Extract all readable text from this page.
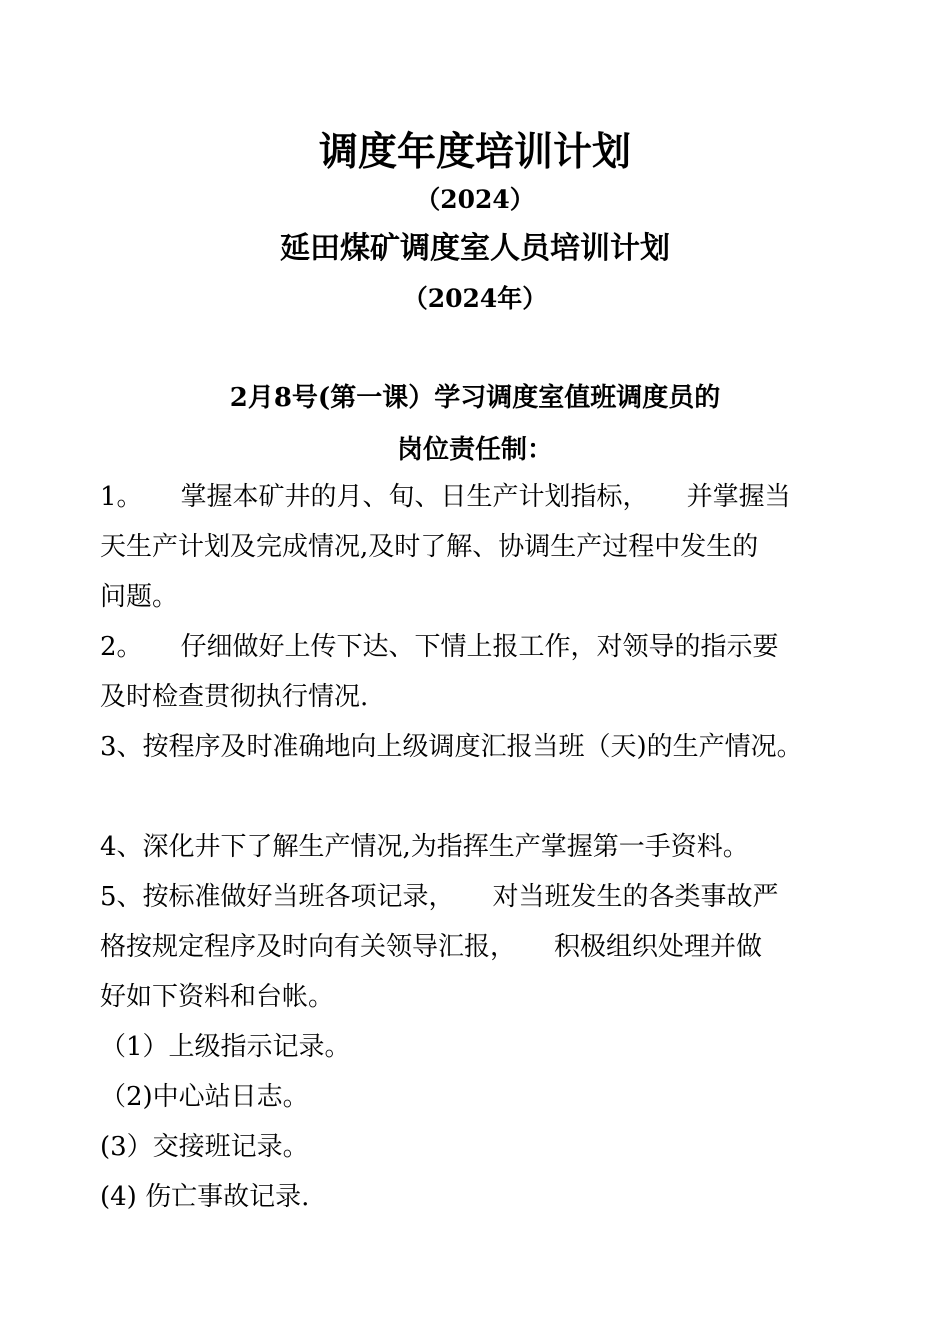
调度年度培训计划
（2024）
延田煤矿调度室人员培训计划
（2024年）
2月8号(第一课）学习调度室值班调度员的
岗位责任制：
1。 掌握本矿井的月、旬、日生产计划指标， 并掌握当
天生产计划及完成情况,及时了解、协调生产过程中发生的
问题。
2。 仔细做好上传下达、下情上报工作，对领导的指示要
及时检查贯彻执行情况.
3、按程序及时准确地向上级调度汇报当班（天)的生产情况。
4、深化井下了解生产情况,为指挥生产掌握第一手资料。
5、按标准做好当班各项记录， 对当班发生的各类事故严
格按规定程序及时向有关领导汇报， 积极组织处理并做
好如下资料和台帐。
（1）上级指示记录。
（2)中心站日志。
(3）交接班记录。
(4) 伤亡事故记录.
